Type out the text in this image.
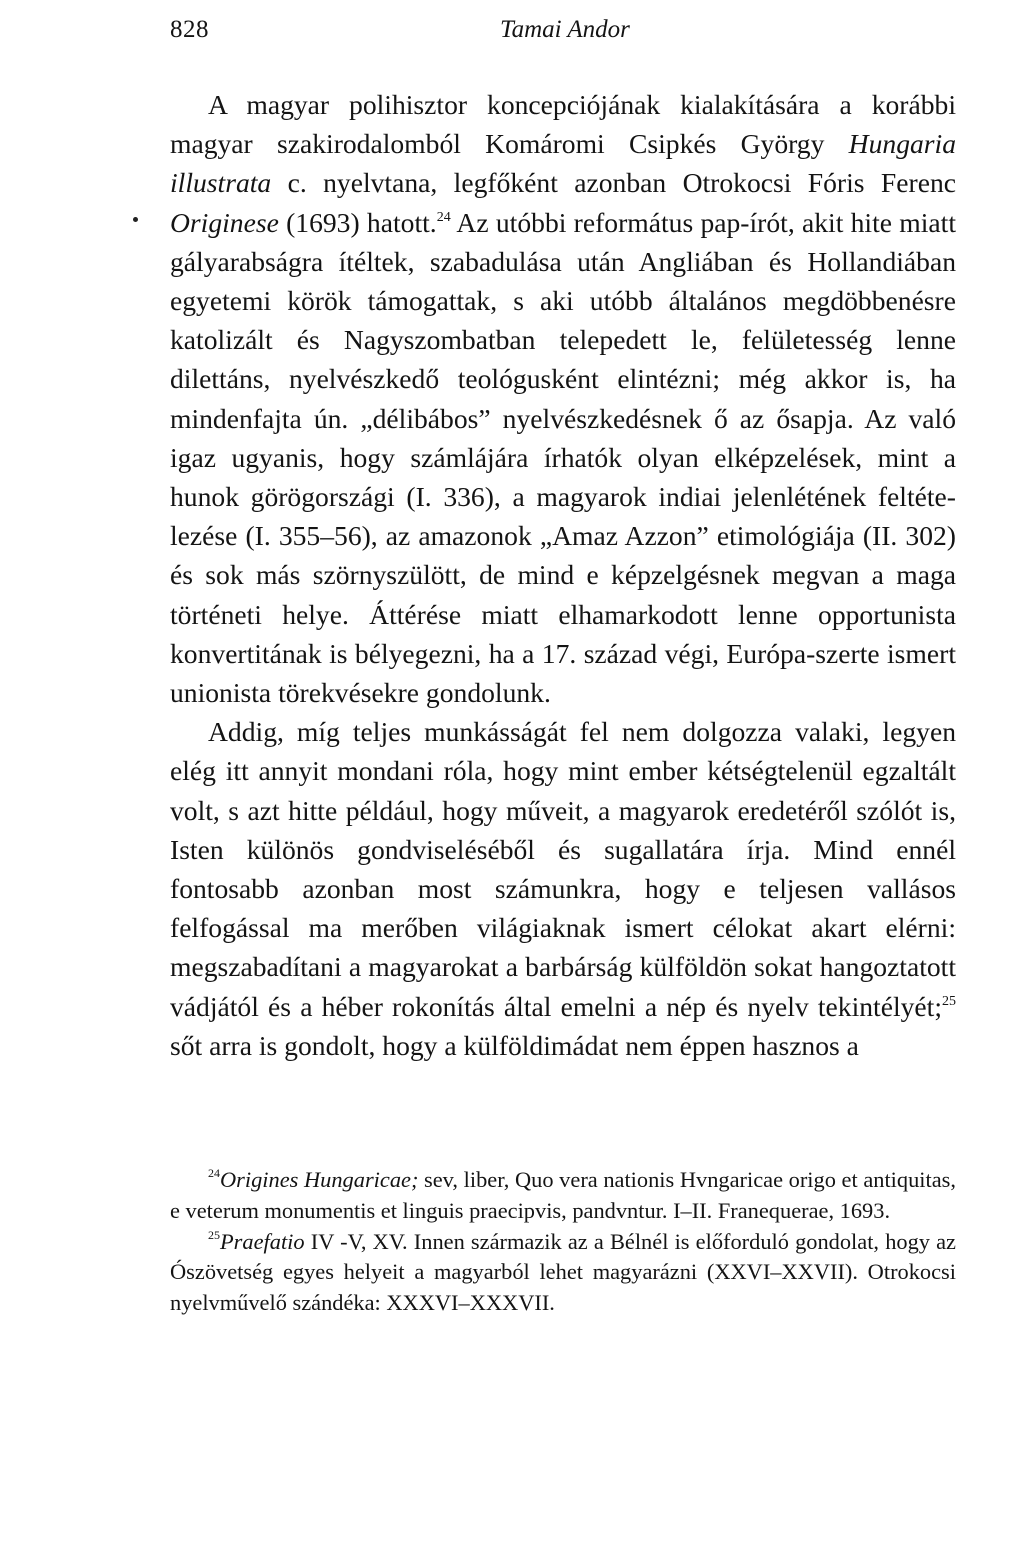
828	Tamai Andor

A magyar polihisztor koncepciójának kialakítására a korábbi magyar szakirodalomból Komáromi Csipkés György Hungaria illustrata c. nyelvtana, legfőként azonban Otrokocsi Fóris Ferenc Originese (1693) hatott.$^{24}$ Az utóbbi református pap-írót, akit hite miatt gályarabságra ítéltek, szabadulása után Angliában és Hollandiában egyetemi körök támogattak, s aki utóbb általános megdöbbenésre katolizált és Nagyszombatban telepedett le, felületesség lenne dilettáns, nyelvészkedő teológusként elintézni; még akkor is, ha mindenfajta ún. „délibábos” nyelvészkedésnek ő az ősapja. Az való igaz ugyanis, hogy számlájára írhatók olyan elképzelések, mint a hunok görögországi (I. 336), a magyarok indiai jelenlétének feltételezése (I. 355–56), az amazonok „Amaz Azzon” etimológiája (II. 302) és sok más szörnyszülött, de mind e képzelgésnek megvan a maga történeti helye. Áttérése miatt elhamarkodott lenne opportunista konvertitának is bélyegezni, ha a 17. század végi, Európa-szerte ismert unionista törekvésekre gondolunk.

Addig, míg teljes munkásságát fel nem dolgozza valaki, legyen elég itt annyit mondani róla, hogy mint ember kétségtelenül egzaltált volt, s azt hitte például, hogy műveit, a magyarok eredetéről szólót is, Isten különös gondviseléséből és sugallatára írja. Mind ennél fontosabb azonban most számunkra, hogy e teljesen vallásos felfogással ma merőben világiaknak ismert célokat akart elérni: megszabadítani a magyarokat a barbárság külföldön sokat hangoztatott vádjától és a héber rokonítás által emelni a nép és nyelv tekintélyét;$^{25}$ sőt arra is gondolt, hogy a külföldimádat nem éppen hasznos a

$^{24}$Origines Hungaricae; sev, liber, Quo vera nationis Hvngaricae origo et antiquitas, e veterum monumentis et linguis praecipvis, pandvntur. I–II. Franequerae, 1693.

$^{25}$Praefatio IV -V, XV. Innen származik az a Bélnél is előforduló gondolat, hogy az Ószövetség egyes helyeit a magyarból lehet magyarázni (XXVI–XXVII). Otrokocsi nyelvművelő szándéka: XXXVI–XXXVII.
